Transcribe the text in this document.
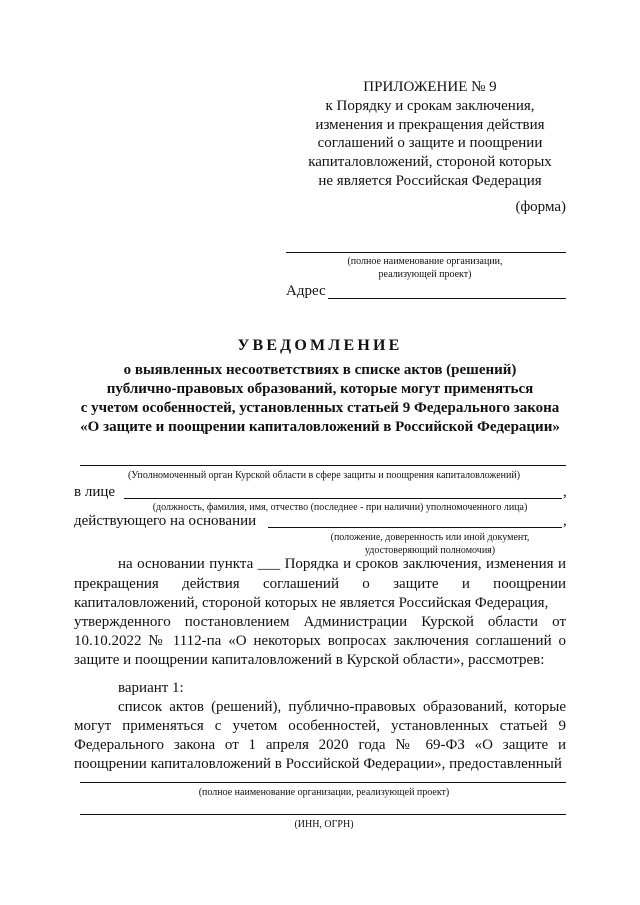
ПРИЛОЖЕНИЕ № 9
к Порядку и срокам заключения,
изменения и прекращения действия
соглашений о защите и поощрении
капиталовложений, стороной которых
не является Российская Федерация
(форма)
(полное наименование организации,
реализующей проект)
Адрес
УВЕДОМЛЕНИЕ
о выявленных несоответствиях в списке актов (решений)
публично-правовых образований, которые могут применяться
с учетом особенностей, установленных статьей 9 Федерального закона
«О защите и поощрении капиталовложений в Российской Федерации»
(Уполномоченный орган Курской области в сфере защиты и поощрения капиталовложений)
в лице	,
(должность, фамилия, имя, отчество (последнее - при наличии) уполномоченного лица)
действующего на основании	,
(положение, доверенность или иной документ,
удостоверяющий полномочия)
на основании пункта ___ Порядка и сроков заключения, изменения и
прекращения действия соглашений о защите и поощрении
капиталовложений, стороной которых не является Российская Федерация,
утвержденного постановлением Администрации Курской области от
10.10.2022 № 1112-па «О некоторых вопросах заключения соглашений о
защите и поощрении капиталовложений в Курской области», рассмотрев:
вариант 1:
список актов (решений), публично-правовых образований, которые
могут применяться с учетом особенностей, установленных статьей 9
Федерального закона от 1 апреля 2020 года № 69-ФЗ «О защите и
поощрении капиталовложений в Российской Федерации», предоставленный
(полное наименование организации, реализующей проект)
(ИНН, ОГРН)
